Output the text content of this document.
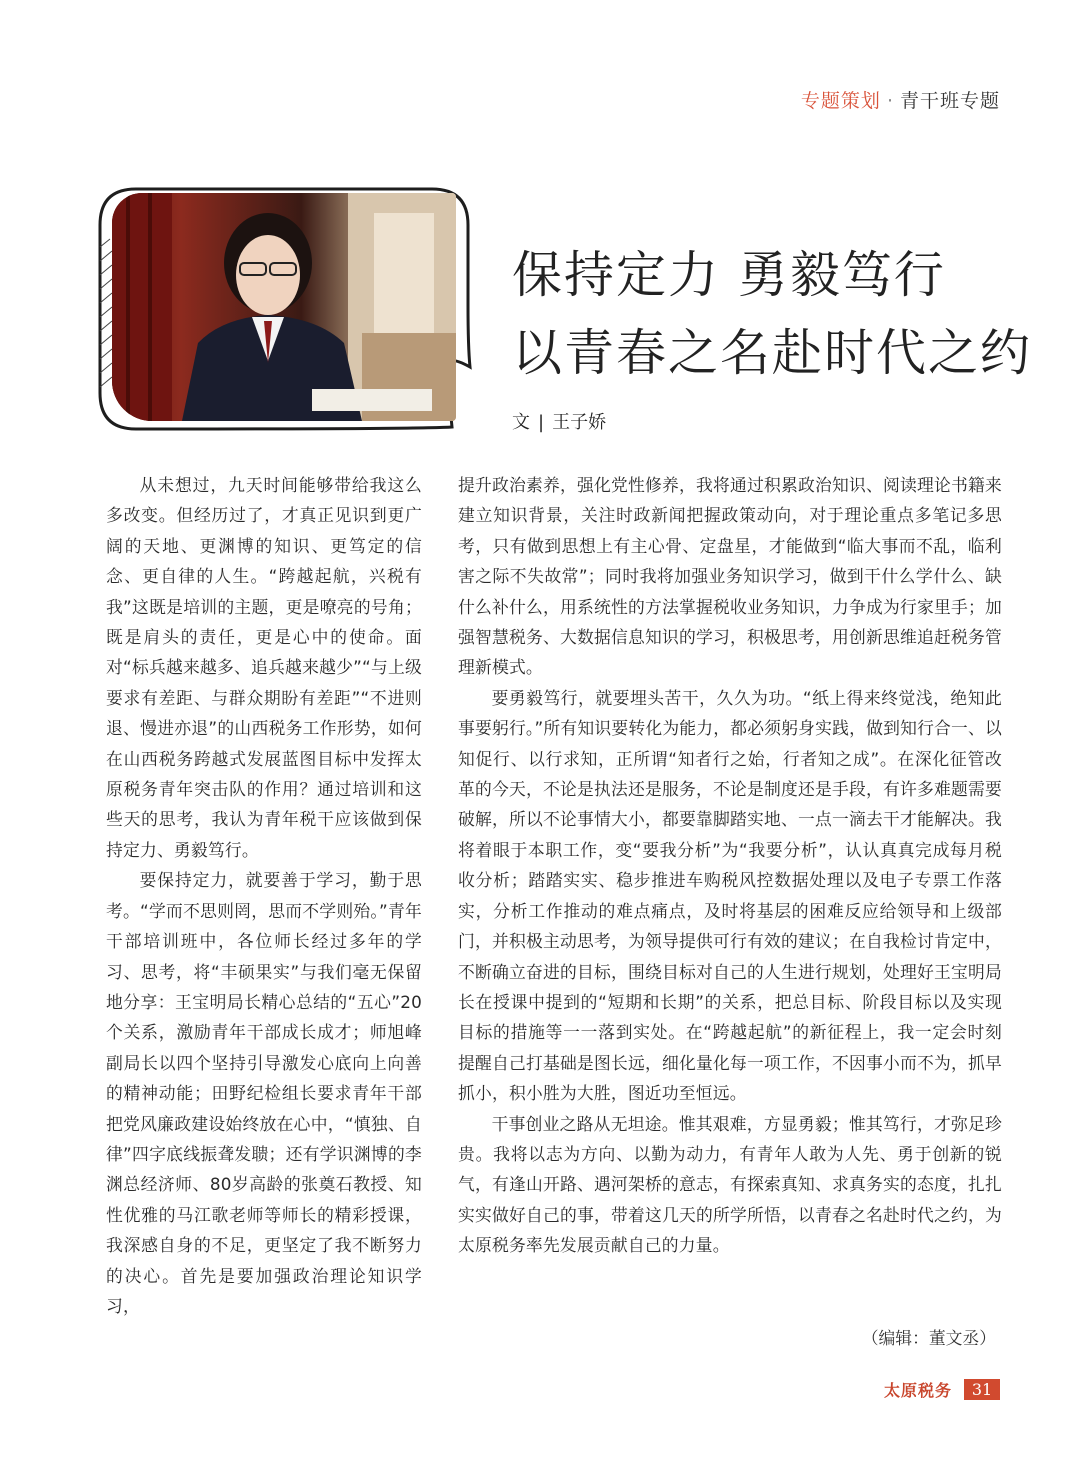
专题策划 · 青干班专题
保持定力 勇毅笃行
以青春之名赴时代之约
文 | 王子娇

从未想过，九天时间能够带给我这么多改变。但经历过了，才真正见识到更广阔的天地、更渊博的知识、更笃定的信念、更自律的人生。“跨越起航，兴税有我”这既是培训的主题，更是嘹亮的号角；既是肩头的责任，更是心中的使命。面对“标兵越来越多、追兵越来越少”“与上级要求有差距、与群众期盼有差距”“不进则退、慢进亦退”的山西税务工作形势，如何在山西税务跨越式发展蓝图目标中发挥太原税务青年突击队的作用？通过培训和这些天的思考，我认为青年税干应该做到保持定力、勇毅笃行。

要保持定力，就要善于学习，勤于思考。“学而不思则罔，思而不学则殆。”青年干部培训班中，各位师长经过多年的学习、思考，将“丰硕果实”与我们毫无保留地分享：王宝明局长精心总结的“五心”20个关系，激励青年干部成长成才；师旭峰副局长以四个坚持引导激发心底向上向善的精神动能；田野纪检组长要求青年干部把党风廉政建设始终放在心中，“慎独、自律”四字底线振聋发聩；还有学识渊博的李渊总经济师、80岁高龄的张奠石教授、知性优雅的马江歌老师等师长的精彩授课，我深感自身的不足，更坚定了我不断努力的决心。首先是要加强政治理论知识学习，

提升政治素养，强化党性修养，我将通过积累政治知识、阅读理论书籍来建立知识背景，关注时政新闻把握政策动向，对于理论重点多笔记多思考，只有做到思想上有主心骨、定盘星，才能做到“临大事而不乱，临利害之际不失故常”；同时我将加强业务知识学习，做到干什么学什么、缺什么补什么，用系统性的方法掌握税收业务知识，力争成为行家里手；加强智慧税务、大数据信息知识的学习，积极思考，用创新思维追赶税务管理新模式。

要勇毅笃行，就要埋头苦干，久久为功。“纸上得来终觉浅，绝知此事要躬行。”所有知识要转化为能力，都必须躬身实践，做到知行合一、以知促行、以行求知，正所谓“知者行之始，行者知之成”。在深化征管改革的今天，不论是执法还是服务，不论是制度还是手段，有许多难题需要破解，所以不论事情大小，都要靠脚踏实地、一点一滴去干才能解决。我将着眼于本职工作，变“要我分析”为“我要分析”，认认真真完成每月税收分析；踏踏实实、稳步推进车购税风控数据处理以及电子专票工作落实，分析工作推动的难点痛点，及时将基层的困难反应给领导和上级部门，并积极主动思考，为领导提供可行有效的建议；在自我检讨肯定中，不断确立奋进的目标，围绕目标对自己的人生进行规划，处理好王宝明局长在授课中提到的“短期和长期”的关系，把总目标、阶段目标以及实现目标的措施等一一落到实处。在“跨越起航”的新征程上，我一定会时刻提醒自己打基础是图长远，细化量化每一项工作，不因事小而不为，抓早抓小，积小胜为大胜，图近功至恒远。

干事创业之路从无坦途。惟其艰难，方显勇毅；惟其笃行，才弥足珍贵。我将以志为方向、以勤为动力，有青年人敢为人先、勇于创新的锐气，有逢山开路、遇河架桥的意志，有探索真知、求真务实的态度，扎扎实实做好自己的事，带着这几天的所学所悟，以青春之名赴时代之约，为太原税务率先发展贡献自己的力量。

（编辑：董文丞）
太原税务	31
